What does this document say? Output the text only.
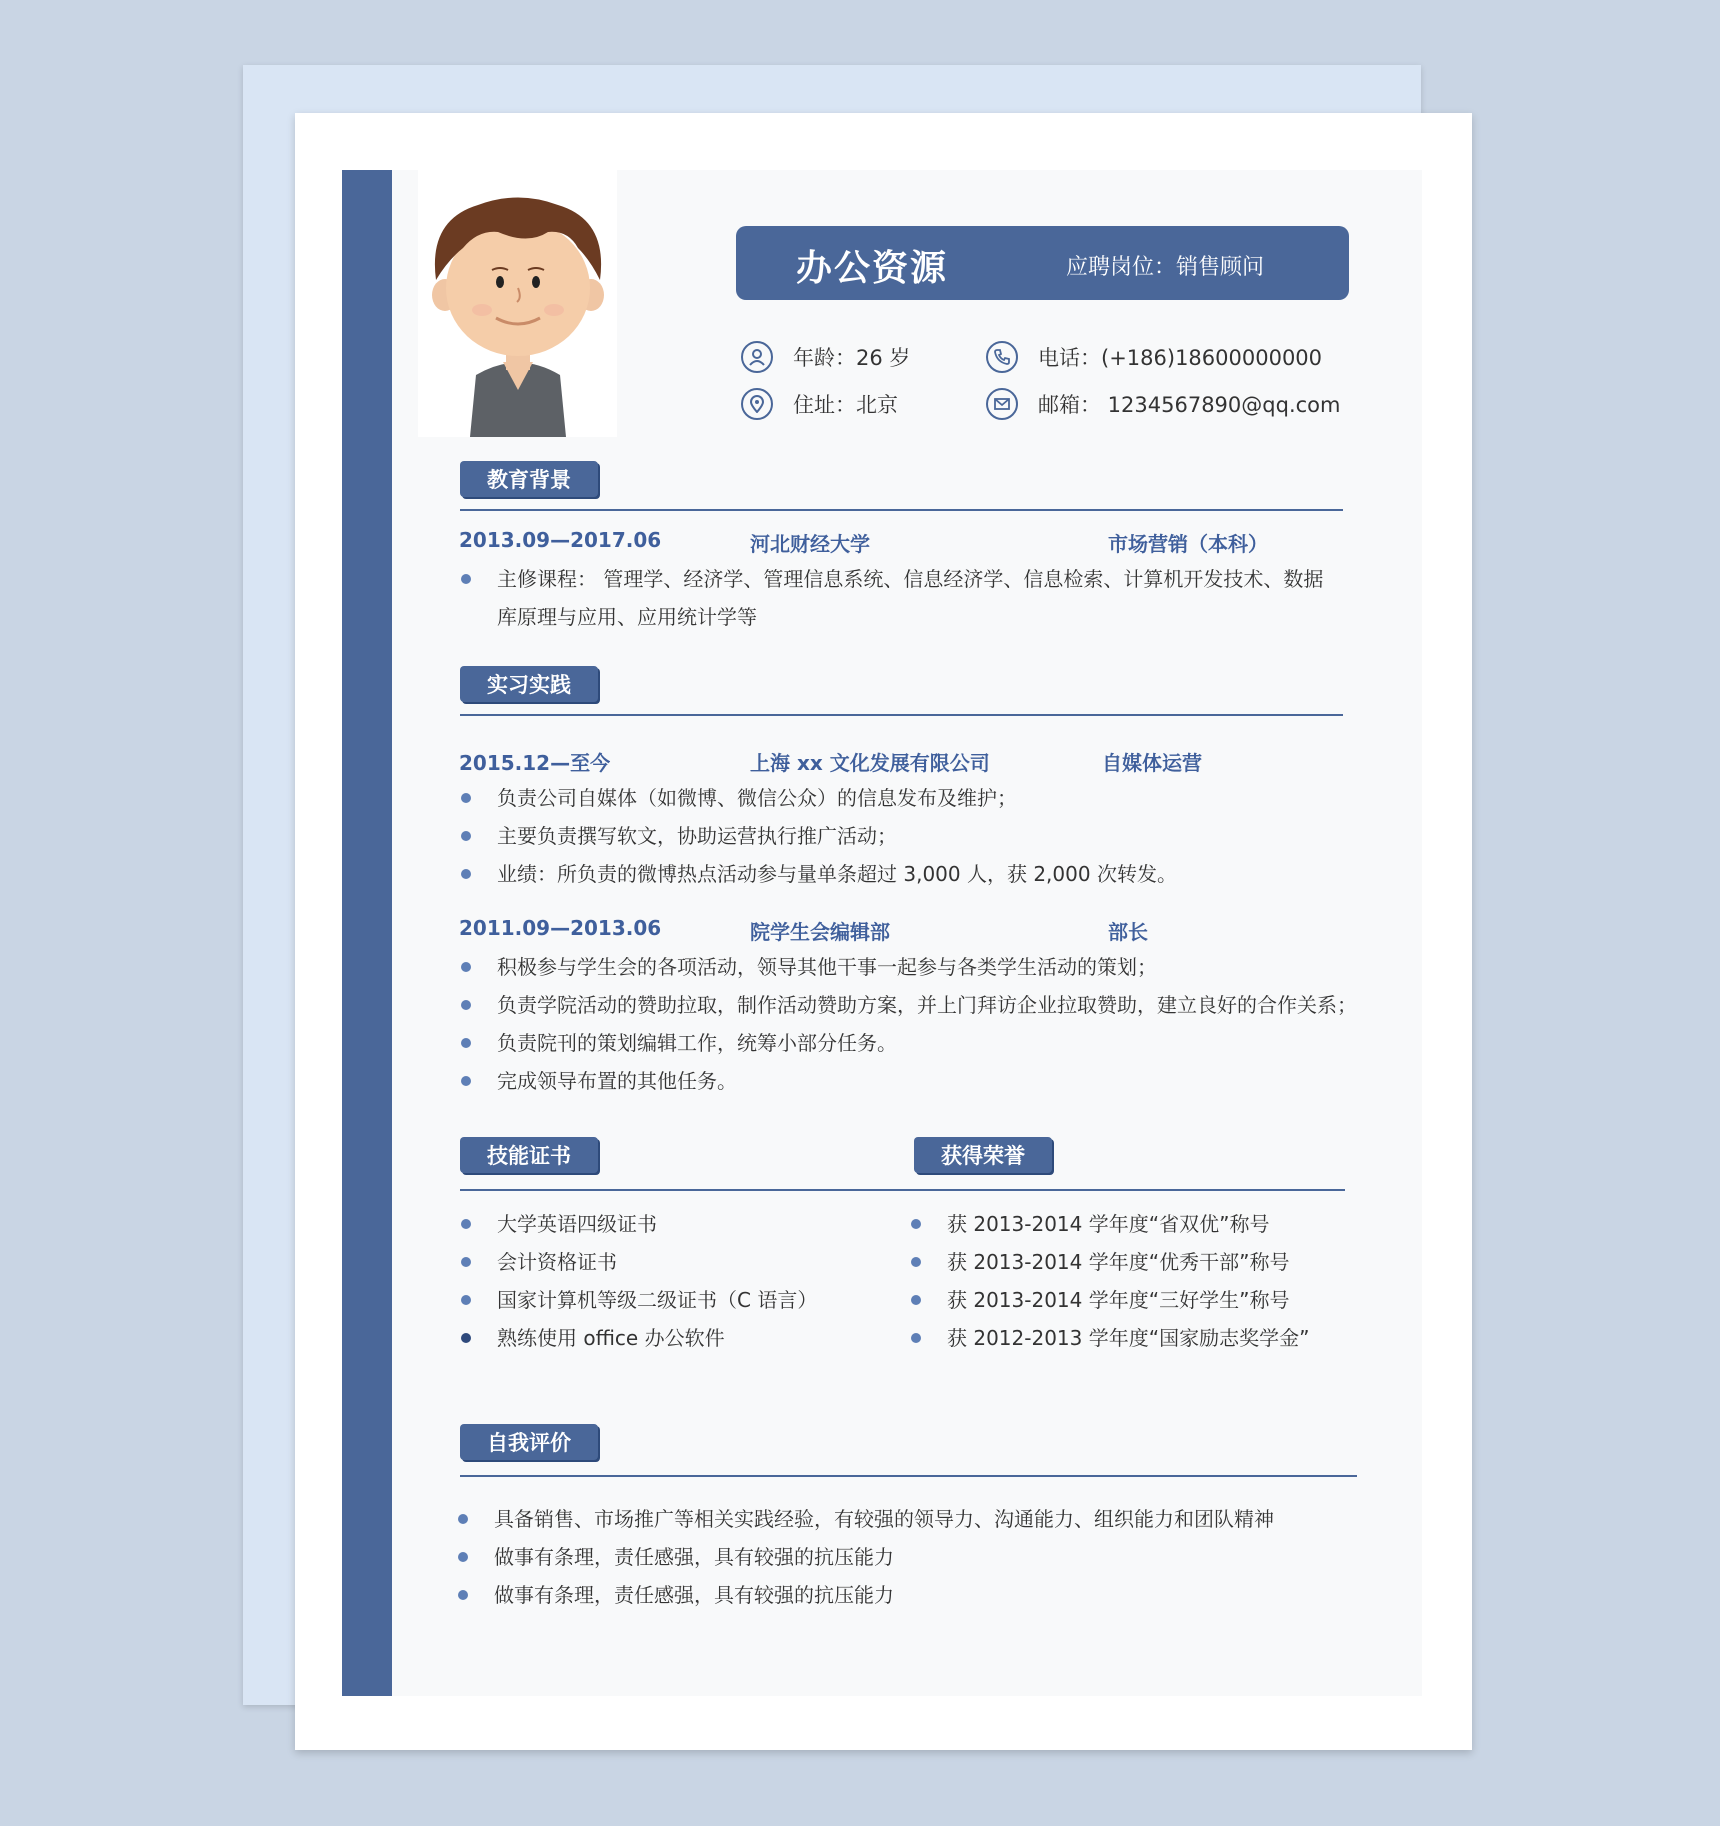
办公资源	应聘岗位：销售顾问
年龄：26 岁	电话：(+186)18600000000
住址：北京	邮箱： 1234567890@qq.com
教育背景
2013.09—2017.06	河北财经大学	市场营销（本科）
主修课程： 管理学、经济学、管理信息系统、信息经济学、信息检索、计算机开发技术、数据
库原理与应用、应用统计学等
实习实践
2015.12—至今	上海 xx 文化发展有限公司	自媒体运营
负责公司自媒体（如微博、微信公众）的信息发布及维护；
主要负责撰写软文，协助运营执行推广活动；
业绩：所负责的微博热点活动参与量单条超过 3,000 人，获 2,000 次转发。
2011.09—2013.06	院学生会编辑部	部长
积极参与学生会的各项活动，领导其他干事一起参与各类学生活动的策划；
负责学院活动的赞助拉取，制作活动赞助方案，并上门拜访企业拉取赞助，建立良好的合作关系；
负责院刊的策划编辑工作，统筹小部分任务。
完成领导布置的其他任务。
技能证书	获得荣誉
大学英语四级证书
会计资格证书
国家计算机等级二级证书（C 语言）
熟练使用 office 办公软件
获 2013-2014 学年度“省双优”称号
获 2013-2014 学年度“优秀干部”称号
获 2013-2014 学年度“三好学生”称号
获 2012-2013 学年度“国家励志奖学金”
自我评价
具备销售、市场推广等相关实践经验，有较强的领导力、沟通能力、组织能力和团队精神
做事有条理，责任感强，具有较强的抗压能力
做事有条理，责任感强，具有较强的抗压能力
